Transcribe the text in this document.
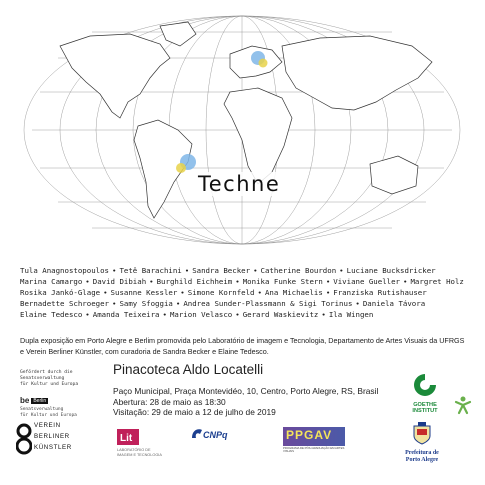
Techne
Tula Anagnostopoulos • Tetê Barachini • Sandra Becker • Catherine Bourdon • Luciane Bucksdricker
Marina Camargo • David Dibiah • Burghild Eichheim • Monika Funke Stern • Viviane Gueller • Margret Holz
Rosika Jankó-Glage • Susanne Kessler • Simone Kornfeld • Ana Michaelis • Franziska Rutishauser
Bernadette Schroeger • Samy Sfoggia • Andrea Sunder-Plassmann & Sigi Torinus • Daniela Távora
Elaine Tedesco • Amanda Teixeira • Marion Velasco • Gerard Waskievitz • Ila Wingen
Dupla exposição em Porto Alegre e Berlim promovida pelo Laboratório de imagem e Tecnologia, Departamento de Artes Visuais da UFRGS e Verein Berliner Künstler, com curadoria de Sandra Becker e Elaine Tedesco.
Gefördert durch die
Senatsverwaltung
für Kultur und Europa
be Berlin
Senatsverwaltung
für Kultur und Europa
Pinacoteca Aldo Locatelli
Paço Municipal, Praça Montevidéo, 10, Centro, Porto Alegre, RS, Brasil
Abertura: 28 de maio as 18:30
Visitação: 29 de maio a 12 de julho de 2019
GOETHE
INSTITUT
VEREIN
BERLINER
KÜNSTLER
Lit
LABORATÓRIO DE
IMAGEM E TECNOLOGIA
CNPq	PPGAV
PROGRAMA DE PÓS-GRADUAÇÃO EM ARTES VISUAIS	Prefeitura de
Porto Alegre
